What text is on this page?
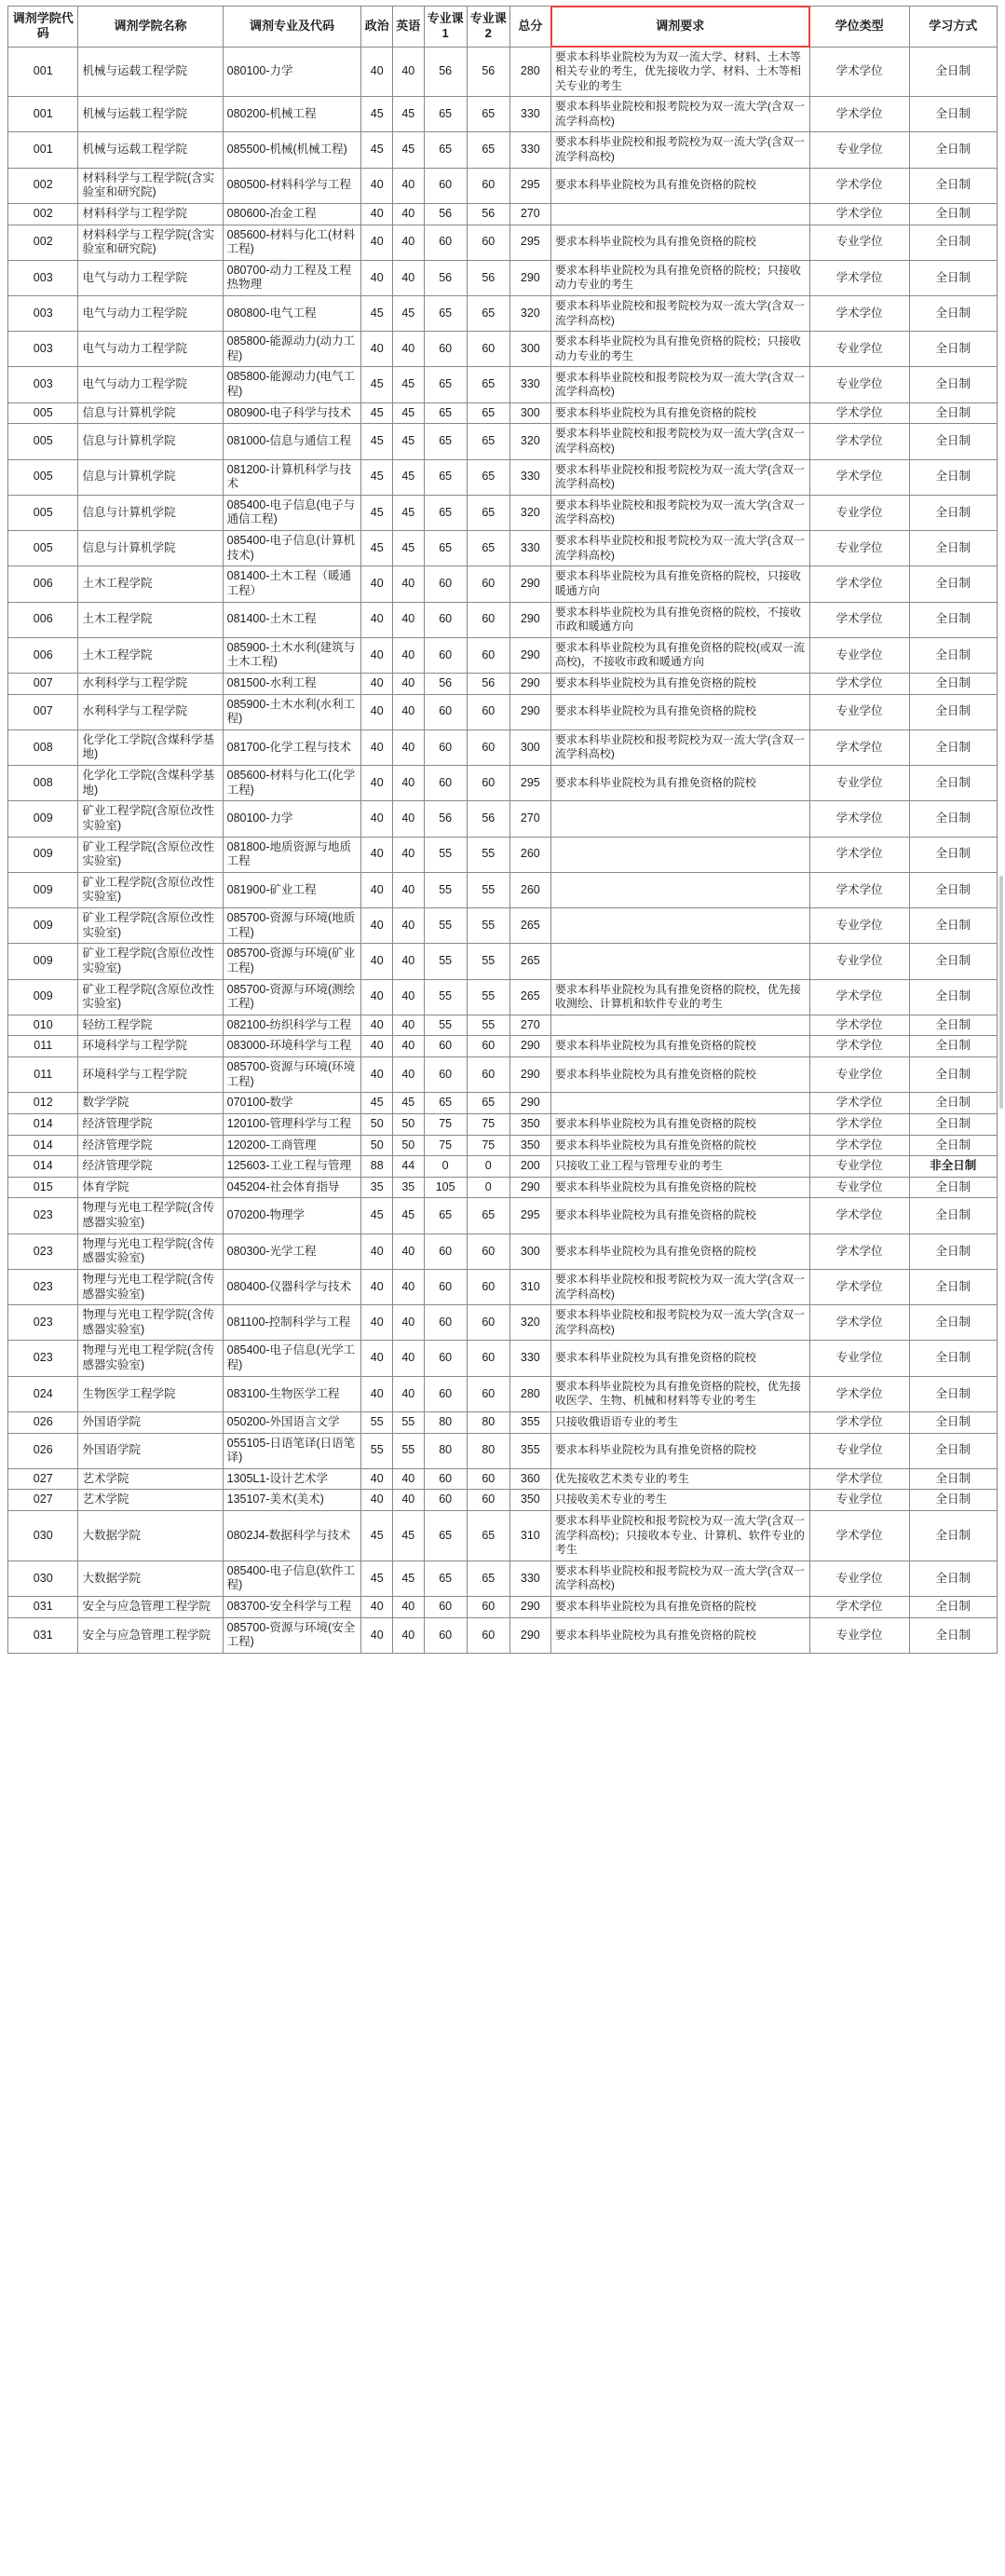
调剂学院代码	调剂学院名称	调剂专业及代码	政治	英语	专业课1	专业课2	总分	调剂要求	学位类型	学习方式
001	机械与运载工程学院	080100-力学	40	40	56	56	280	要求本科毕业院校为为双一流大学、材料、土木等相关专业的考生，优先接收力学、材料、土木等相关专业的考生	学术学位	全日制
001	机械与运载工程学院	080200-机械工程	45	45	65	65	330	要求本科毕业院校和报考院校为双一流大学(含双一流学科高校)	学术学位	全日制
001	机械与运载工程学院	085500-机械(机械工程)	45	45	65	65	330	要求本科毕业院校和报考院校为双一流大学(含双一流学科高校)	专业学位	全日制
002	材料科学与工程学院(含实验室和研究院)	080500-材料科学与工程	40	40	60	60	295	要求本科毕业院校为具有推免资格的院校	学术学位	全日制
002	材料科学与工程学院	080600-冶金工程	40	40	56	56	270		学术学位	全日制
002	材料科学与工程学院(含实验室和研究院)	085600-材料与化工(材料工程)	40	40	60	60	295	要求本科毕业院校为具有推免资格的院校	专业学位	全日制
003	电气与动力工程学院	080700-动力工程及工程热物理	40	40	56	56	290	要求本科毕业院校为具有推免资格的院校；只接收动力专业的考生	学术学位	全日制
003	电气与动力工程学院	080800-电气工程	45	45	65	65	320	要求本科毕业院校和报考院校为双一流大学(含双一流学科高校)	学术学位	全日制
003	电气与动力工程学院	085800-能源动力(动力工程)	40	40	60	60	300	要求本科毕业院校为具有推免资格的院校；只接收动力专业的考生	专业学位	全日制
003	电气与动力工程学院	085800-能源动力(电气工程)	45	45	65	65	330	要求本科毕业院校和报考院校为双一流大学(含双一流学科高校)	专业学位	全日制
005	信息与计算机学院	080900-电子科学与技术	45	45	65	65	300	要求本科毕业院校为具有推免资格的院校	学术学位	全日制
005	信息与计算机学院	081000-信息与通信工程	45	45	65	65	320	要求本科毕业院校和报考院校为双一流大学(含双一流学科高校)	学术学位	全日制
005	信息与计算机学院	081200-计算机科学与技术	45	45	65	65	330	要求本科毕业院校和报考院校为双一流大学(含双一流学科高校)	学术学位	全日制
005	信息与计算机学院	085400-电子信息(电子与通信工程)	45	45	65	65	320	要求本科毕业院校和报考院校为双一流大学(含双一流学科高校)	专业学位	全日制
005	信息与计算机学院	085400-电子信息(计算机技术)	45	45	65	65	330	要求本科毕业院校和报考院校为双一流大学(含双一流学科高校)	专业学位	全日制
006	土木工程学院	081400-土木工程（暖通工程）	40	40	60	60	290	要求本科毕业院校为具有推免资格的院校，只接收暖通方向	学术学位	全日制
006	土木工程学院	081400-土木工程	40	40	60	60	290	要求本科毕业院校为具有推免资格的院校，不接收市政和暖通方向	学术学位	全日制
006	土木工程学院	085900-土木水利(建筑与土木工程)	40	40	60	60	290	要求本科毕业院校为具有推免资格的院校(或双一流高校)，不接收市政和暖通方向	专业学位	全日制
007	水利科学与工程学院	081500-水利工程	40	40	56	56	290	要求本科毕业院校为具有推免资格的院校	学术学位	全日制
007	水利科学与工程学院	085900-土木水利(水利工程)	40	40	60	60	290	要求本科毕业院校为具有推免资格的院校	专业学位	全日制
008	化学化工学院(含煤科学基地)	081700-化学工程与技术	40	40	60	60	300	要求本科毕业院校和报考院校为双一流大学(含双一流学科高校)	学术学位	全日制
008	化学化工学院(含煤科学基地)	085600-材料与化工(化学工程)	40	40	60	60	295	要求本科毕业院校为具有推免资格的院校	专业学位	全日制
009	矿业工程学院(含原位改性实验室)	080100-力学	40	40	56	56	270		学术学位	全日制
009	矿业工程学院(含原位改性实验室)	081800-地质资源与地质工程	40	40	55	55	260		学术学位	全日制
009	矿业工程学院(含原位改性实验室)	081900-矿业工程	40	40	55	55	260		学术学位	全日制
009	矿业工程学院(含原位改性实验室)	085700-资源与环境(地质工程)	40	40	55	55	265		专业学位	全日制
009	矿业工程学院(含原位改性实验室)	085700-资源与环境(矿业工程)	40	40	55	55	265		专业学位	全日制
009	矿业工程学院(含原位改性实验室)	085700-资源与环境(测绘工程)	40	40	55	55	265	要求本科毕业院校为具有推免资格的院校，优先接收测绘、计算机和软件专业的考生	学术学位	全日制
010	轻纺工程学院	082100-纺织科学与工程	40	40	55	55	270		学术学位	全日制
011	环境科学与工程学院	083000-环境科学与工程	40	40	60	60	290	要求本科毕业院校为具有推免资格的院校	学术学位	全日制
011	环境科学与工程学院	085700-资源与环境(环境工程)	40	40	60	60	290	要求本科毕业院校为具有推免资格的院校	专业学位	全日制
012	数学学院	070100-数学	45	45	65	65	290		学术学位	全日制
014	经济管理学院	120100-管理科学与工程	50	50	75	75	350	要求本科毕业院校为具有推免资格的院校	学术学位	全日制
014	经济管理学院	120200-工商管理	50	50	75	75	350	要求本科毕业院校为具有推免资格的院校	学术学位	全日制
014	经济管理学院	125603-工业工程与管理	88	44	0	0	200	只接收工业工程与管理专业的考生	专业学位	非全日制
015	体育学院	045204-社会体育指导	35	35	105	0	290	要求本科毕业院校为具有推免资格的院校	专业学位	全日制
023	物理与光电工程学院(含传感器实验室)	070200-物理学	45	45	65	65	295	要求本科毕业院校为具有推免资格的院校	学术学位	全日制
023	物理与光电工程学院(含传感器实验室)	080300-光学工程	40	40	60	60	300	要求本科毕业院校为具有推免资格的院校	学术学位	全日制
023	物理与光电工程学院(含传感器实验室)	080400-仪器科学与技术	40	40	60	60	310	要求本科毕业院校和报考院校为双一流大学(含双一流学科高校)	学术学位	全日制
023	物理与光电工程学院(含传感器实验室)	081100-控制科学与工程	40	40	60	60	320	要求本科毕业院校和报考院校为双一流大学(含双一流学科高校)	学术学位	全日制
023	物理与光电工程学院(含传感器实验室)	085400-电子信息(光学工程)	40	40	60	60	330	要求本科毕业院校为具有推免资格的院校	专业学位	全日制
024	生物医学工程学院	083100-生物医学工程	40	40	60	60	280	要求本科毕业院校为具有推免资格的院校，优先接收医学、生物、机械和材料等专业的考生	学术学位	全日制
026	外国语学院	050200-外国语言文学	55	55	80	80	355	只接收俄语语专业的考生	学术学位	全日制
026	外国语学院	055105-日语笔译(日语笔译)	55	55	80	80	355	要求本科毕业院校为具有推免资格的院校	专业学位	全日制
027	艺术学院	1305L1-设计艺术学	40	40	60	60	360	优先接收艺术类专业的考生	学术学位	全日制
027	艺术学院	135107-美术(美术)	40	40	60	60	350	只接收美术专业的考生	专业学位	全日制
030	大数据学院	0802J4-数据科学与技术	45	45	65	65	310	要求本科毕业院校和报考院校为双一流大学(含双一流学科高校)；只接收本专业、计算机、软件专业的考生	学术学位	全日制
030	大数据学院	085400-电子信息(软件工程)	45	45	65	65	330	要求本科毕业院校和报考院校为双一流大学(含双一流学科高校)	专业学位	全日制
031	安全与应急管理工程学院	083700-安全科学与工程	40	40	60	60	290	要求本科毕业院校为具有推免资格的院校	学术学位	全日制
031	安全与应急管理工程学院	085700-资源与环境(安全工程)	40	40	60	60	290	要求本科毕业院校为具有推免资格的院校	专业学位	全日制
